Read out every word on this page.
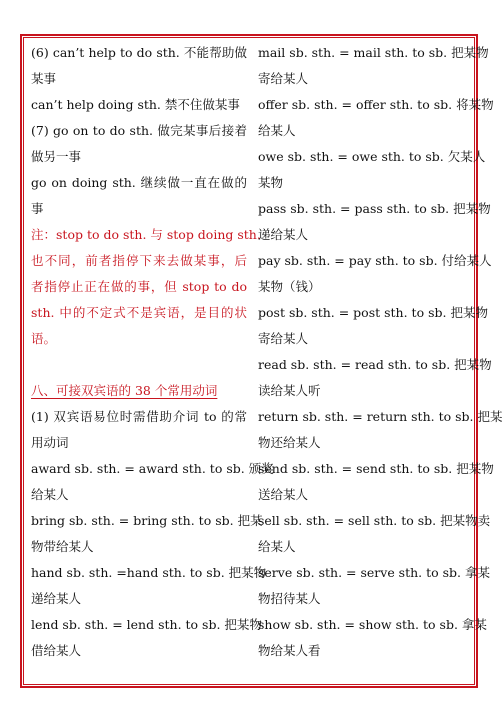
(6) can’t help to do sth. 不能帮助做
某事
can’t help doing sth. 禁不住做某事
(7) go on to do sth. 做完某事后接着
做另一事
go on doing sth. 继续做一直在做的
事
注：stop to do sth. 与 stop doing sth.
也不同，前者指停下来去做某事，后
者指停止正在做的事，但 stop to do
sth. 中的不定式不是宾语，是目的状
语。
八、可接双宾语的 38 个常用动词
(1) 双宾语易位时需借助介词 to 的常
用动词
award sb. sth. = award sth. to sb. 颁奖
给某人
bring sb. sth. = bring sth. to sb. 把某
物带给某人
hand sb. sth. =hand sth. to sb. 把某物
递给某人
lend sb. sth. = lend sth. to sb. 把某物
借给某人
mail sb. sth. = mail sth. to sb. 把某物
寄给某人
offer sb. sth. = offer sth. to sb. 将某物
给某人
owe sb. sth. = owe sth. to sb. 欠某人
某物
pass sb. sth. = pass sth. to sb. 把某物
递给某人
pay sb. sth. = pay sth. to sb. 付给某人
某物（钱）
post sb. sth. = post sth. to sb. 把某物
寄给某人
read sb. sth. = read sth. to sb. 把某物
读给某人听
return sb. sth. = return sth. to sb. 把某
物还给某人
send sb. sth. = send sth. to sb. 把某物
送给某人
sell sb. sth. = sell sth. to sb. 把某物卖
给某人
serve sb. sth. = serve sth. to sb. 拿某
物招待某人
show sb. sth. = show sth. to sb. 拿某
物给某人看
